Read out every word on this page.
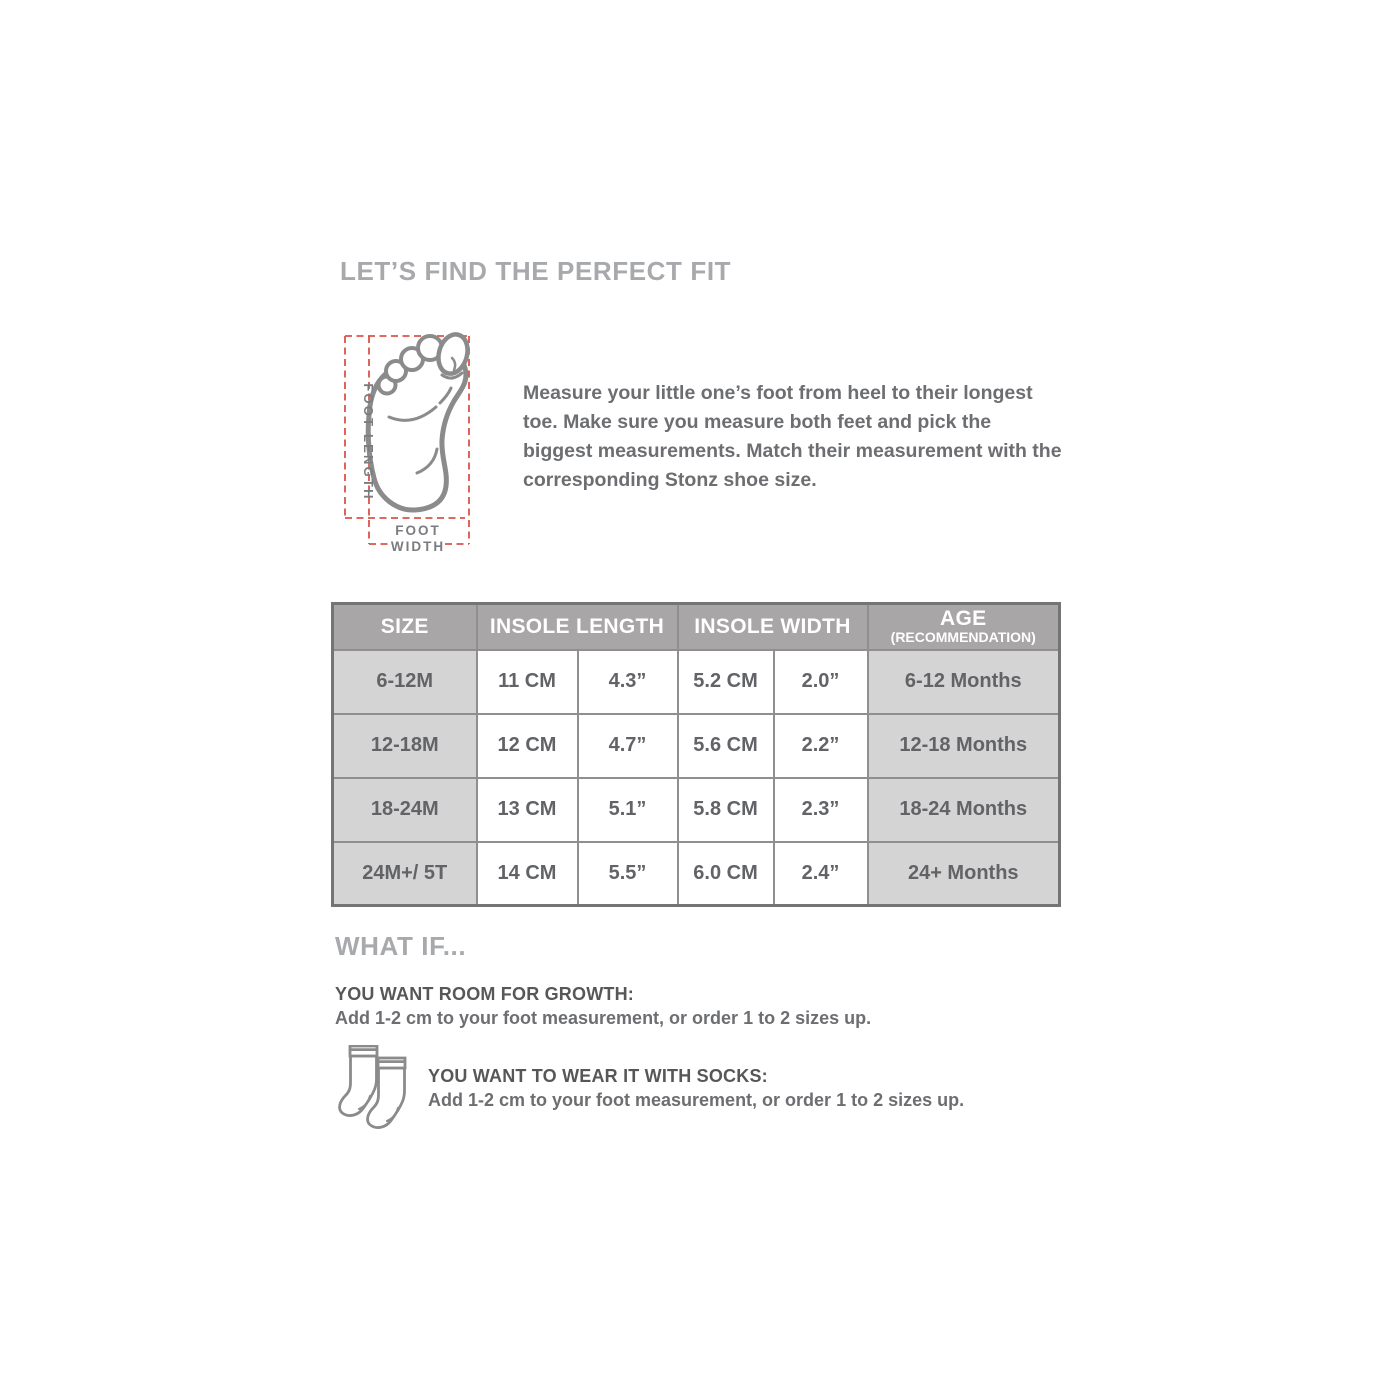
LET’S FIND THE PERFECT FIT
FOOT LENGTH
FOOT
WIDTH
Measure your little one’s foot from heel to their longest toe. Make sure you measure both feet and pick the biggest measurements. Match their measurement with the corresponding Stonz shoe size.
SIZE	INSOLE LENGTH		INSOLE WIDTH		AGE
(RECOMMENDATION)

6-12M	11 CM	4.3”	5.2 CM	2.0”	6-12 Months
12-18M	12 CM	4.7”	5.6 CM	2.2”	12-18 Months
18-24M	13 CM	5.1”	5.8 CM	2.3”	18-24 Months
24M+/ 5T	14 CM	5.5”	6.0 CM	2.4”	24+ Months
WHAT IF...
YOU WANT ROOM FOR GROWTH:
Add 1-2 cm to your foot measurement, or order 1 to 2 sizes up.
YOU WANT TO WEAR IT WITH SOCKS:
Add 1-2 cm to your foot measurement, or order 1 to 2 sizes up.
